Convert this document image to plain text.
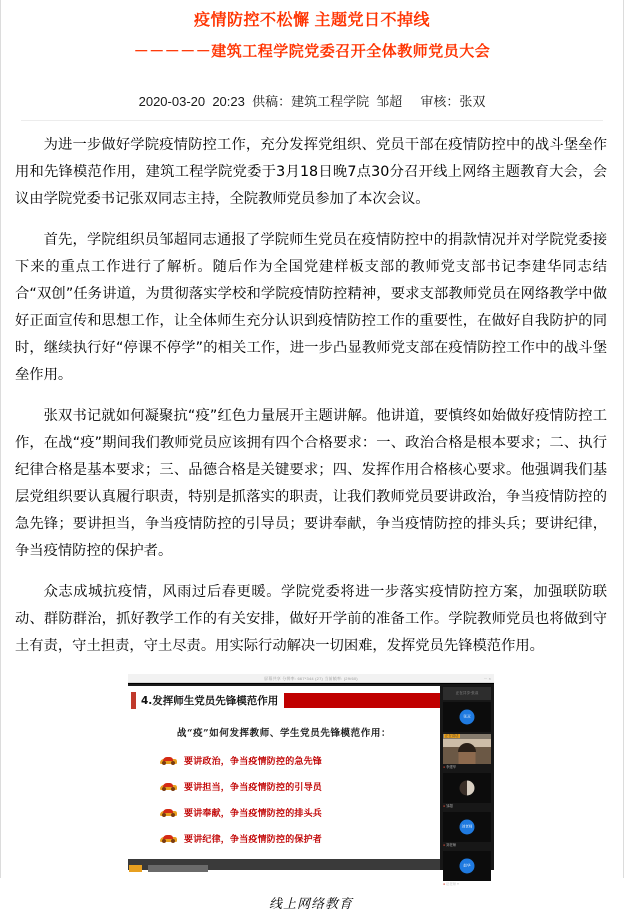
疫情防控不松懈 主题党日不掉线
－－－－－建筑工程学院党委召开全体教师党员大会
2020-03-20  20:23  供稿：建筑工程学院  邹超     审核：张双

为进一步做好学院疫情防控工作，充分发挥党组织、党员干部在疫情防控中的战斗堡垒作用和先锋模范作用，建筑工程学院党委于3月18日晚7点30分召开线上网络主题教育大会，会议由学院党委书记张双同志主持，全院教师党员参加了本次会议。

首先，学院组织员邹超同志通报了学院师生党员在疫情防控中的捐款情况并对学院党委接下来的重点工作进行了解析。随后作为全国党建样板支部的教师党支部书记李建华同志结合“双创”任务讲道，为贯彻落实学校和学院疫情防控精神，要求支部教师党员在网络教学中做好正面宣传和思想工作，让全体师生充分认识到疫情防控工作的重要性，在做好自我防护的同时，继续执行好“停课不停学”的相关工作，进一步凸显教师党支部在疫情防控工作中的战斗堡垒作用。

张双书记就如何凝聚抗“疫”红色力量展开主题讲解。他讲道，要慎终如始做好疫情防控工作，在战“疫”期间我们教师党员应该拥有四个合格要求：一、政治合格是根本要求；二、执行纪律合格是基本要求；三、品德合格是关键要求；四、发挥作用合格核心要求。他强调我们基层党组织要认真履行职责，特别是抓落实的职责，让我们教师党员要讲政治，争当疫情防控的急先锋；要讲担当，争当疫情防控的引导员；要讲奉献，争当疫情防控的排头兵；要讲纪律，争当疫情防控的保护者。

众志成城抗疫情，风雨过后春更暖。学院党委将进一步落实疫情防控方案，加强联防联动、群防群治，抓好教学工作的有关安排，做好开学前的准备工作。学院教师党员也将做到守土有责，守土担责，守土尽责。用实际行动解决一切困难，发挥党员先锋模范作用。

屏幕共享 分辨率: 667*344 (27) 当前帧率: (29/60)	－ ×
4.发挥师生党员先锋模范作用
战“疫”如何发挥教师、学生党员先锋模范作用：
要讲政治，争当疫情防控的急先锋
要讲担当，争当疫情防控的引导员
要讲奉献，争当疫情防控的排头兵
要讲纪律，争当疫情防控的保护者

正在共享·张双
张双
正在讲话
● 李建华
● 邹超
刘老师
● 刘老师
赵华
● 赵老师 ▾
线上网络教育
